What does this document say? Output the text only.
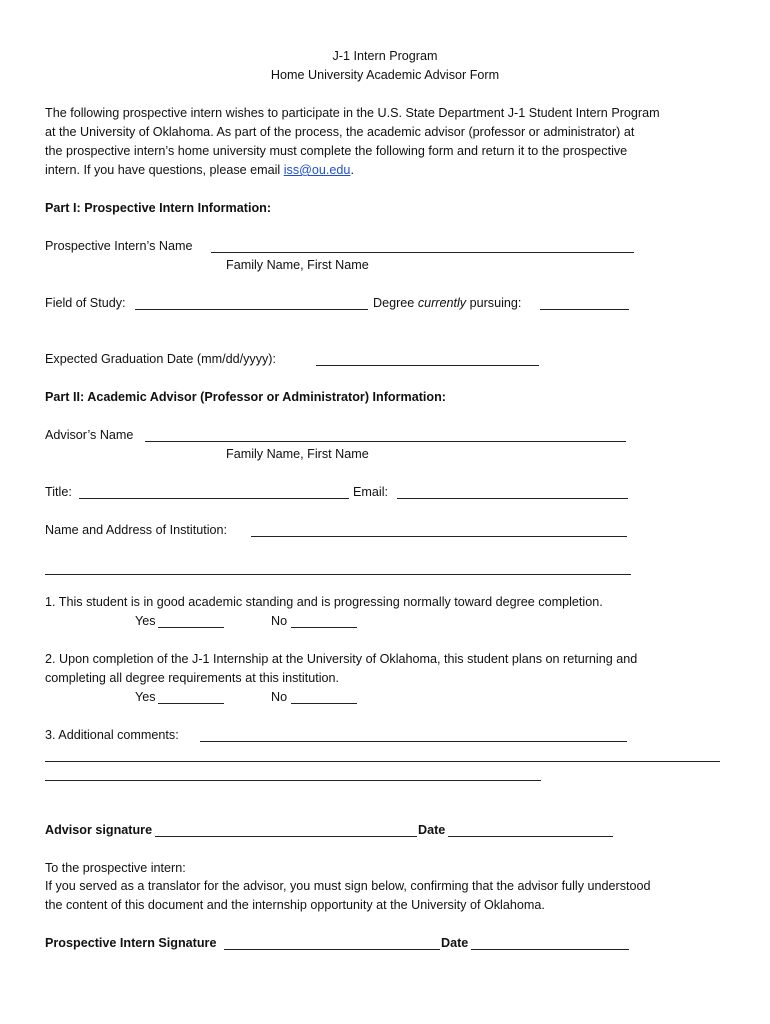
J-1 Intern Program
Home University Academic Advisor Form
The following prospective intern wishes to participate in the U.S. State Department J-1 Student Intern Program
at the University of Oklahoma. As part of the process, the academic advisor (professor or administrator) at
the prospective intern’s home university must complete the following form and return it to the prospective
intern. If you have questions, please email iss@ou.edu.
Part I: Prospective Intern Information:
Prospective Intern’s Name
Family Name, First Name
Field of Study:	Degree currently pursuing:
Expected Graduation Date (mm/dd/yyyy):
Part II: Academic Advisor (Professor or Administrator) Information:
Advisor’s Name
Family Name, First Name
Title:	Email:
Name and Address of Institution:
1. This student is in good academic standing and is progressing normally toward degree completion.
Yes	No
2. Upon completion of the J-1 Internship at the University of Oklahoma, this student plans on returning and
completing all degree requirements at this institution.
Yes	No
3. Additional comments:
Advisor signature	Date
To the prospective intern:
If you served as a translator for the advisor, you must sign below, confirming that the advisor fully understood
the content of this document and the internship opportunity at the University of Oklahoma.
Prospective Intern Signature	Date
